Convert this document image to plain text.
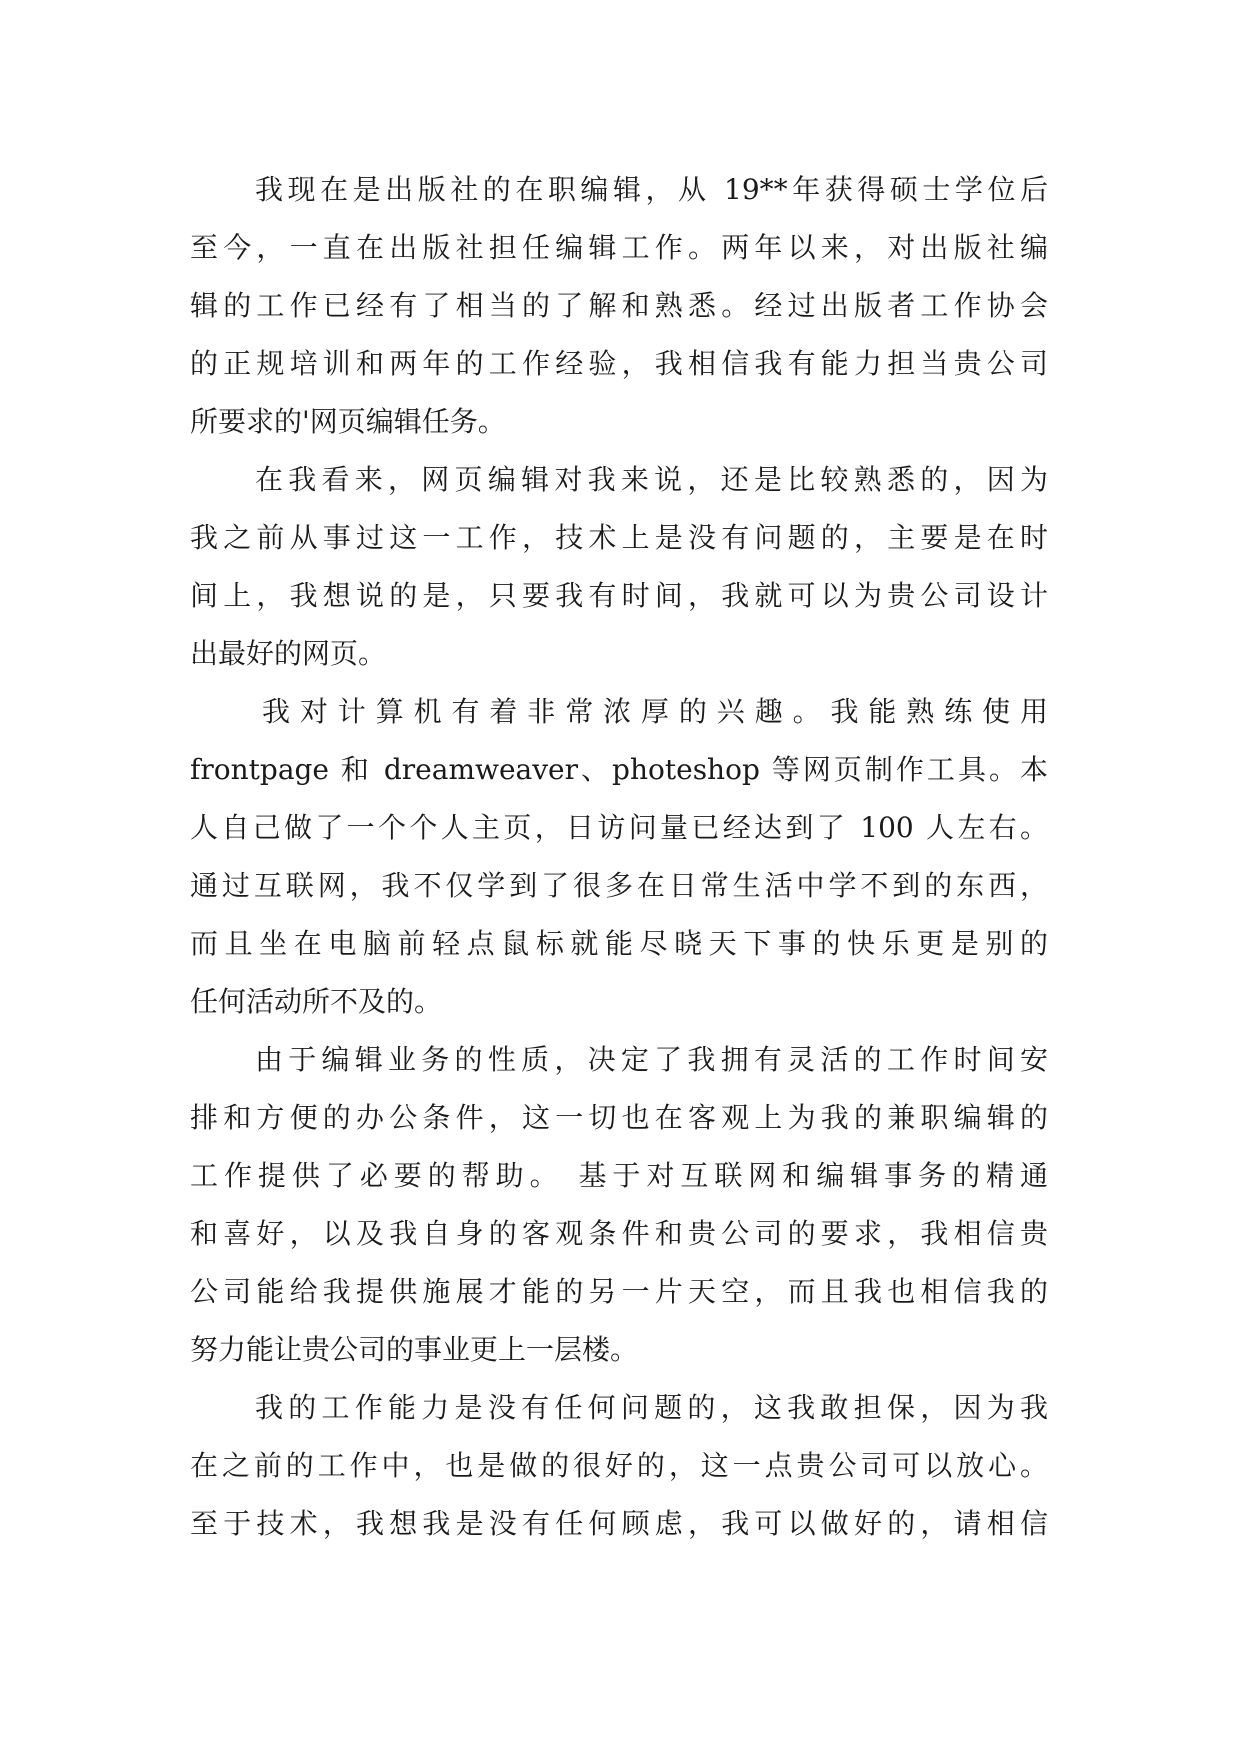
我现在是出版社的在职编辑，从 19**年获得硕士学位后
至今，一直在出版社担任编辑工作。两年以来，对出版社编
辑的工作已经有了相当的了解和熟悉。经过出版者工作协会
的正规培训和两年的工作经验，我相信我有能力担当贵公司
所要求的'网页编辑任务。
在我看来，网页编辑对我来说，还是比较熟悉的，因为
我之前从事过这一工作，技术上是没有问题的，主要是在时
间上，我想说的是，只要我有时间，我就可以为贵公司设计
出最好的网页。
我对计算机有着非常浓厚的兴趣。我能熟练使用
frontpage 和 dreamweaver、photeshop 等网页制作工具。本
人自己做了一个个人主页，日访问量已经达到了 100 人左右。
通过互联网，我不仅学到了很多在日常生活中学不到的东西，
而且坐在电脑前轻点鼠标就能尽晓天下事的快乐更是别的
任何活动所不及的。
由于编辑业务的性质，决定了我拥有灵活的工作时间安
排和方便的办公条件，这一切也在客观上为我的兼职编辑的
工作提供了必要的帮助。 基于对互联网和编辑事务的精通
和喜好，以及我自身的客观条件和贵公司的要求，我相信贵
公司能给我提供施展才能的另一片天空，而且我也相信我的
努力能让贵公司的事业更上一层楼。
我的工作能力是没有任何问题的，这我敢担保，因为我
在之前的工作中，也是做的很好的，这一点贵公司可以放心。
至于技术，我想我是没有任何顾虑，我可以做好的，请相信
